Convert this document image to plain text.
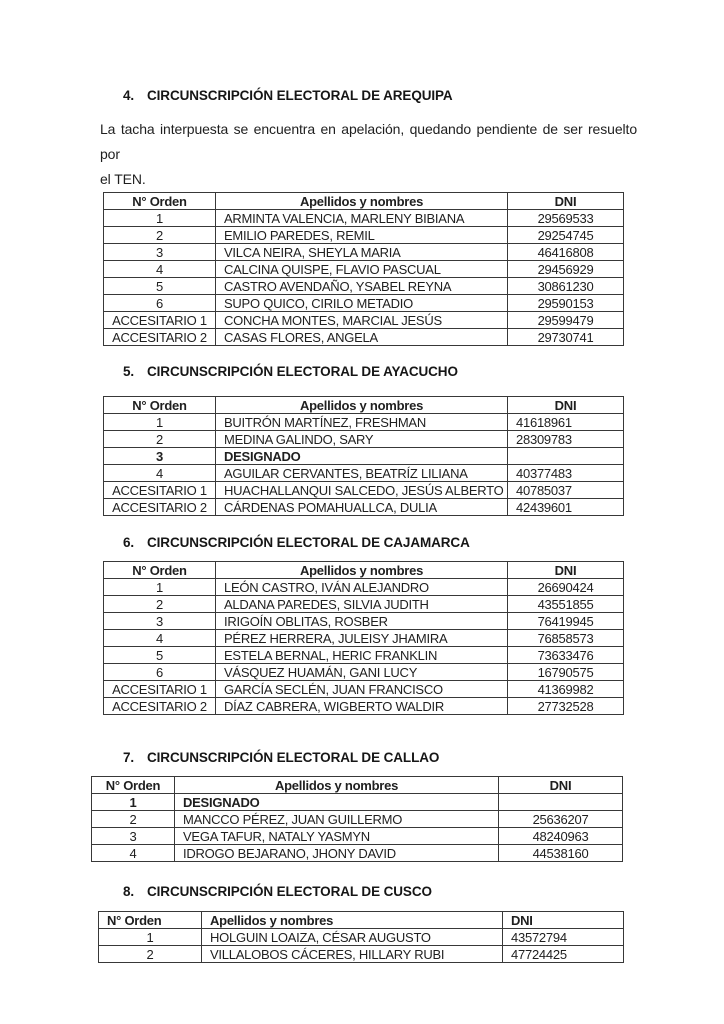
4. CIRCUNSCRIPCIÓN ELECTORAL DE AREQUIPA

La tacha interpuesta se encuentra en apelación, quedando pendiente de ser resuelto por
el TEN.

N° Orden	Apellidos y nombres	DNI
1	ARMINTA VALENCIA, MARLENY BIBIANA	29569533
2	EMILIO PAREDES, REMIL	29254745
3	VILCA NEIRA, SHEYLA MARIA	46416808
4	CALCINA QUISPE, FLAVIO PASCUAL	29456929
5	CASTRO AVENDAÑO, YSABEL REYNA	30861230
6	SUPO QUICO, CIRILO METADIO	29590153
ACCESITARIO 1	CONCHA MONTES, MARCIAL JESÚS	29599479
ACCESITARIO 2	CASAS FLORES, ANGELA	29730741
5. CIRCUNSCRIPCIÓN ELECTORAL DE AYACUCHO
N° Orden	Apellidos y nombres	DNI
1	BUITRÓN MARTÍNEZ, FRESHMAN	41618961
2	MEDINA GALINDO, SARY	28309783
3	DESIGNADO	
4	AGUILAR CERVANTES, BEATRÍZ LILIANA	40377483
ACCESITARIO 1	HUACHALLANQUI SALCEDO, JESÚS ALBERTO	40785037
ACCESITARIO 2	CÁRDENAS POMAHUALLCA, DULIA	42439601
6. CIRCUNSCRIPCIÓN ELECTORAL DE CAJAMARCA
N° Orden	Apellidos y nombres	DNI
1	LEÓN CASTRO, IVÁN ALEJANDRO	26690424
2	ALDANA PAREDES, SILVIA JUDITH	43551855
3	IRIGOÍN OBLITAS, ROSBER	76419945
4	PÉREZ HERRERA, JULEISY JHAMIRA	76858573
5	ESTELA BERNAL, HERIC FRANKLIN	73633476
6	VÁSQUEZ HUAMÁN, GANI LUCY	16790575
ACCESITARIO 1	GARCÍA SECLÉN, JUAN FRANCISCO	41369982
ACCESITARIO 2	DÍAZ CABRERA, WIGBERTO WALDIR	27732528
7. CIRCUNSCRIPCIÓN ELECTORAL DE CALLAO
N° Orden	Apellidos y nombres	DNI
1	DESIGNADO	
2	MANCCO PÉREZ, JUAN GUILLERMO	25636207
3	VEGA TAFUR, NATALY YASMYN	48240963
4	IDROGO BEJARANO, JHONY DAVID	44538160
8. CIRCUNSCRIPCIÓN ELECTORAL DE CUSCO
N° Orden	Apellidos y nombres	DNI
1	HOLGUIN LOAIZA, CÉSAR AUGUSTO	43572794
2	VILLALOBOS CÁCERES, HILLARY RUBI	47724425
